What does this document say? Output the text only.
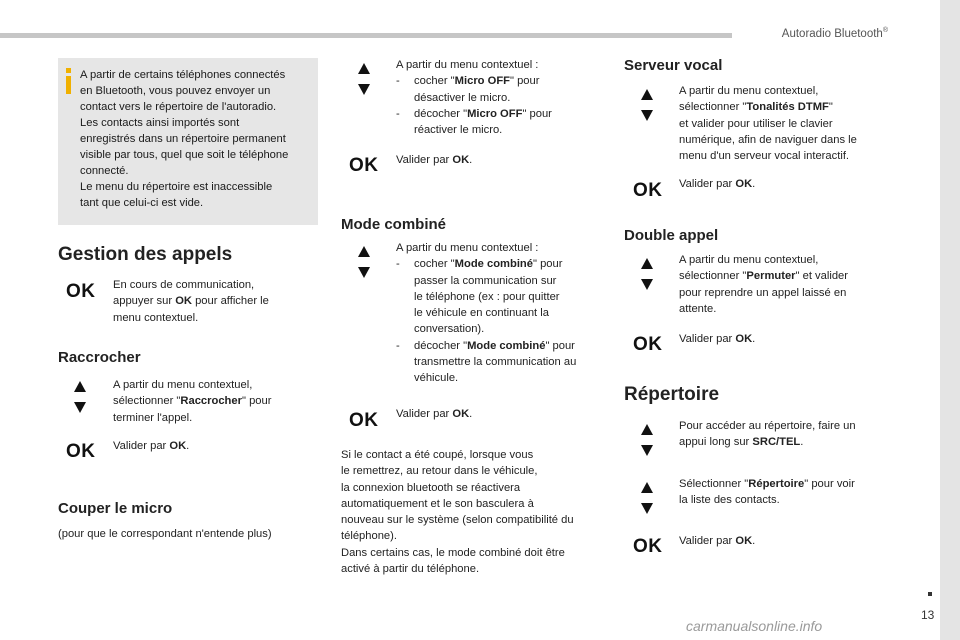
Autoradio Bluetooth®
13
A partir de certains téléphones connectés
en Bluetooth, vous pouvez envoyer un
contact vers le répertoire de l'autoradio.
Les contacts ainsi importés sont
enregistrés dans un répertoire permanent
visible par tous, quel que soit le téléphone
connecté.
Le menu du répertoire est inaccessible
tant que celui-ci est vide.
Gestion des appels
OK En cours de communication,
appuyer sur OK pour afficher le
menu contextuel.
Raccrocher
A partir du menu contextuel,
sélectionner "Raccrocher" pour
terminer l'appel.
OK Valider par OK.
Couper le micro
(pour que le correspondant n'entende plus)
A partir du menu contextuel :
-	cocher "Micro OFF" pour
désactiver le micro.
-	décocher "Micro OFF" pour
réactiver le micro.
OK Valider par OK.
Mode combiné
A partir du menu contextuel :
-	cocher "Mode combiné" pour
passer la communication sur
le téléphone (ex : pour quitter
le véhicule en continuant la
conversation).
-	décocher "Mode combiné" pour
transmettre la communication au
véhicule.
OK Valider par OK.
Si le contact a été coupé, lorsque vous
le remettrez, au retour dans le véhicule,
la connexion bluetooth se réactivera
automatiquement et le son basculera à
nouveau sur le système (selon compatibilité du
téléphone).
Dans certains cas, le mode combiné doit être
activé à partir du téléphone.
Serveur vocal
A partir du menu contextuel,
sélectionner "Tonalités DTMF"
et valider pour utiliser le clavier
numérique, afin de naviguer dans le
menu d'un serveur vocal interactif.
OK Valider par OK.
Double appel
A partir du menu contextuel,
sélectionner "Permuter" et valider
pour reprendre un appel laissé en
attente.
OK Valider par OK.
Répertoire
Pour accéder au répertoire, faire un
appui long sur SRC/TEL.
Sélectionner "Répertoire" pour voir
la liste des contacts.
OK Valider par OK.
carmanualsonline.info
